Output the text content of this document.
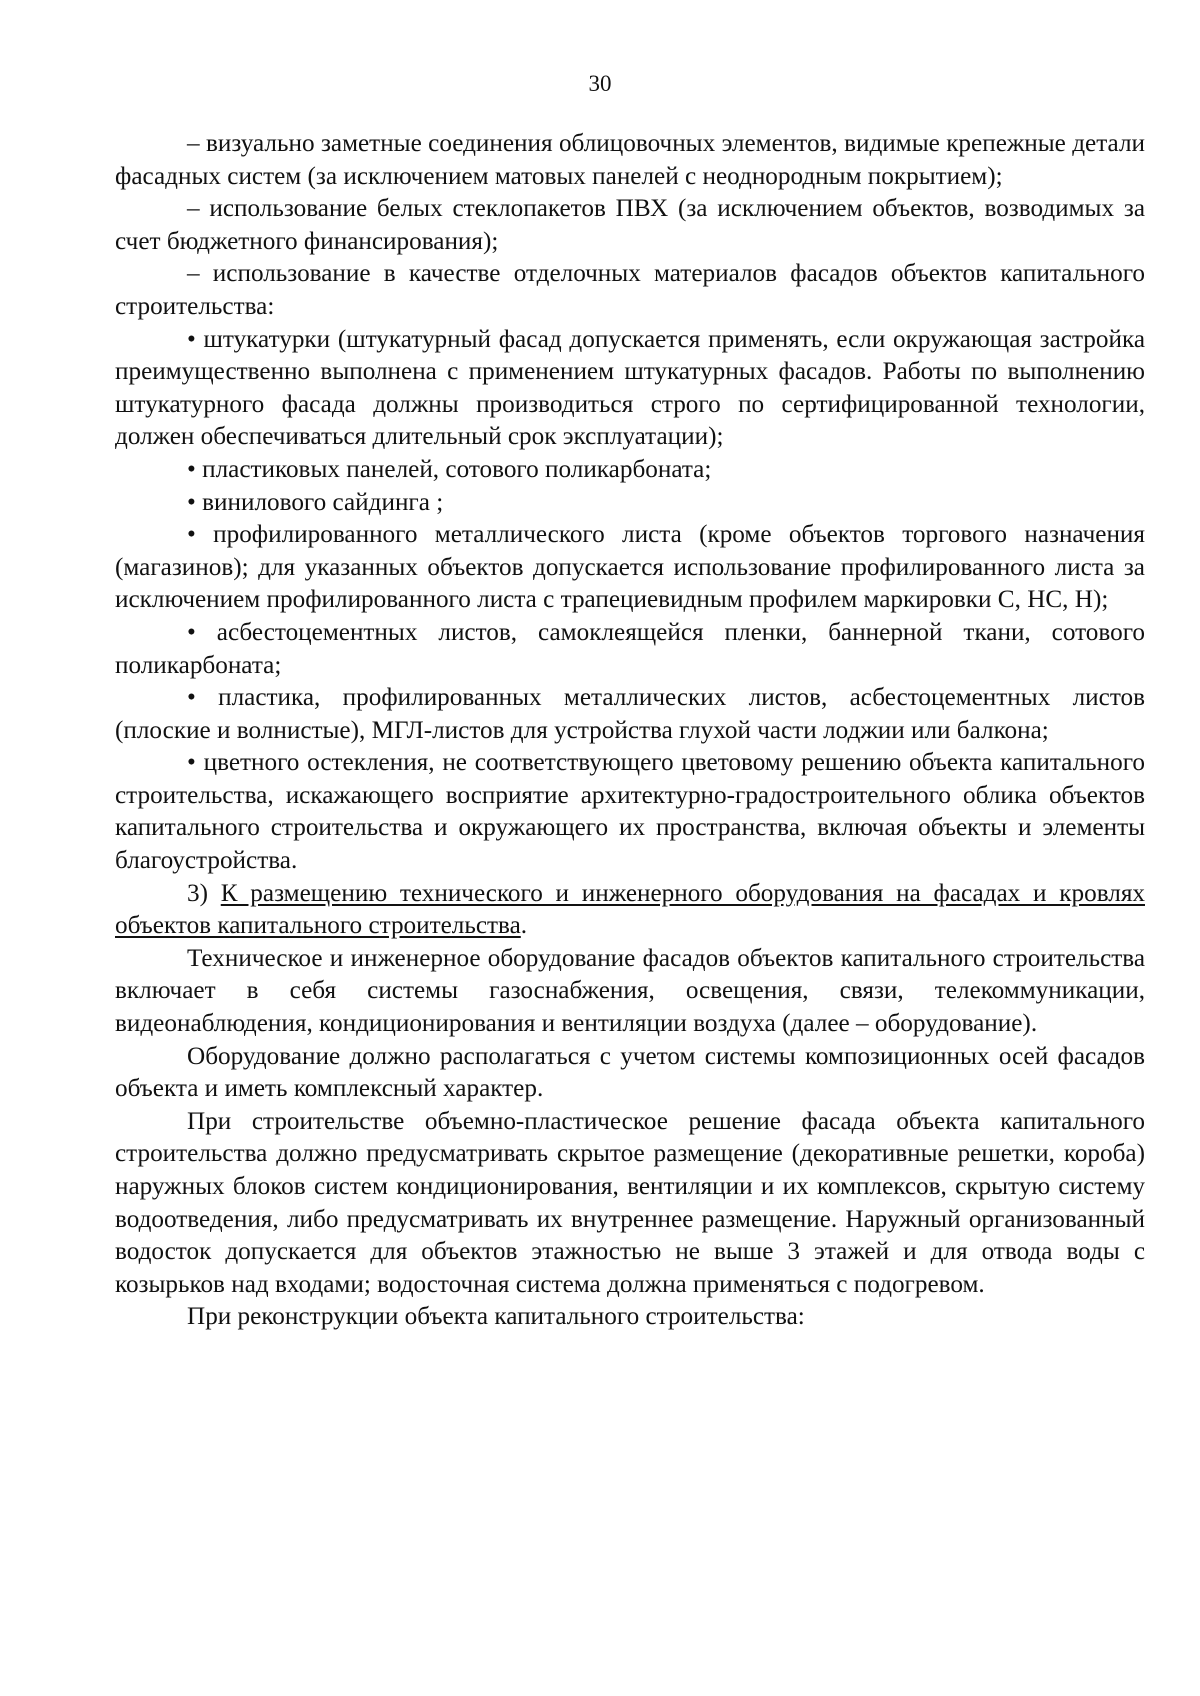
30

– визуально заметные соединения облицовочных элементов, видимые крепежные детали фасадных систем (за исключением матовых панелей с неоднородным покрытием);

– использование белых стеклопакетов ПВХ (за исключением объектов, возводимых за счет бюджетного финансирования);

– использование в качестве отделочных материалов фасадов объектов капитального строительства:

• штукатурки (штукатурный фасад допускается применять, если окружающая застройка преимущественно выполнена с применением штукатурных фасадов. Работы по выполнению штукатурного фасада должны производиться строго по сертифицированной технологии, должен обеспечиваться длительный срок эксплуатации);

• пластиковых панелей, сотового поликарбоната;

• винилового сайдинга ;

• профилированного металлического листа (кроме объектов торгового назначения (магазинов); для указанных объектов допускается использование профилированного листа за исключением профилированного листа с трапециевидным профилем маркировки С, НС, Н);

• асбестоцементных листов, самоклеящейся пленки, баннерной ткани, сотового поликарбоната;

• пластика, профилированных металлических листов, асбестоцементных листов (плоские и волнистые), МГЛ-листов для устройства глухой части лоджии или балкона;

• цветного остекления, не соответствующего цветовому решению объекта капитального строительства, искажающего восприятие архитектурно-градостроительного облика объектов капитального строительства и окружающего их пространства, включая объекты и элементы благоустройства.

3) К размещению технического и инженерного оборудования на фасадах и кровлях объектов капитального строительства.

Техническое и инженерное оборудование фасадов объектов капитального строительства включает в себя системы газоснабжения, освещения, связи, телекоммуникации, видеонаблюдения, кондиционирования и вентиляции воздуха (далее – оборудование).

Оборудование должно располагаться с учетом системы композиционных осей фасадов объекта и иметь комплексный характер.

При строительстве объемно-пластическое решение фасада объекта капитального строительства должно предусматривать скрытое размещение (декоративные решетки, короба) наружных блоков систем кондиционирования, вентиляции и их комплексов, скрытую систему водоотведения, либо предусматривать их внутреннее размещение. Наружный организованный водосток допускается для объектов этажностью не выше 3 этажей и для отвода воды с козырьков над входами; водосточная система должна применяться с подогревом.

При реконструкции объекта капитального строительства:
